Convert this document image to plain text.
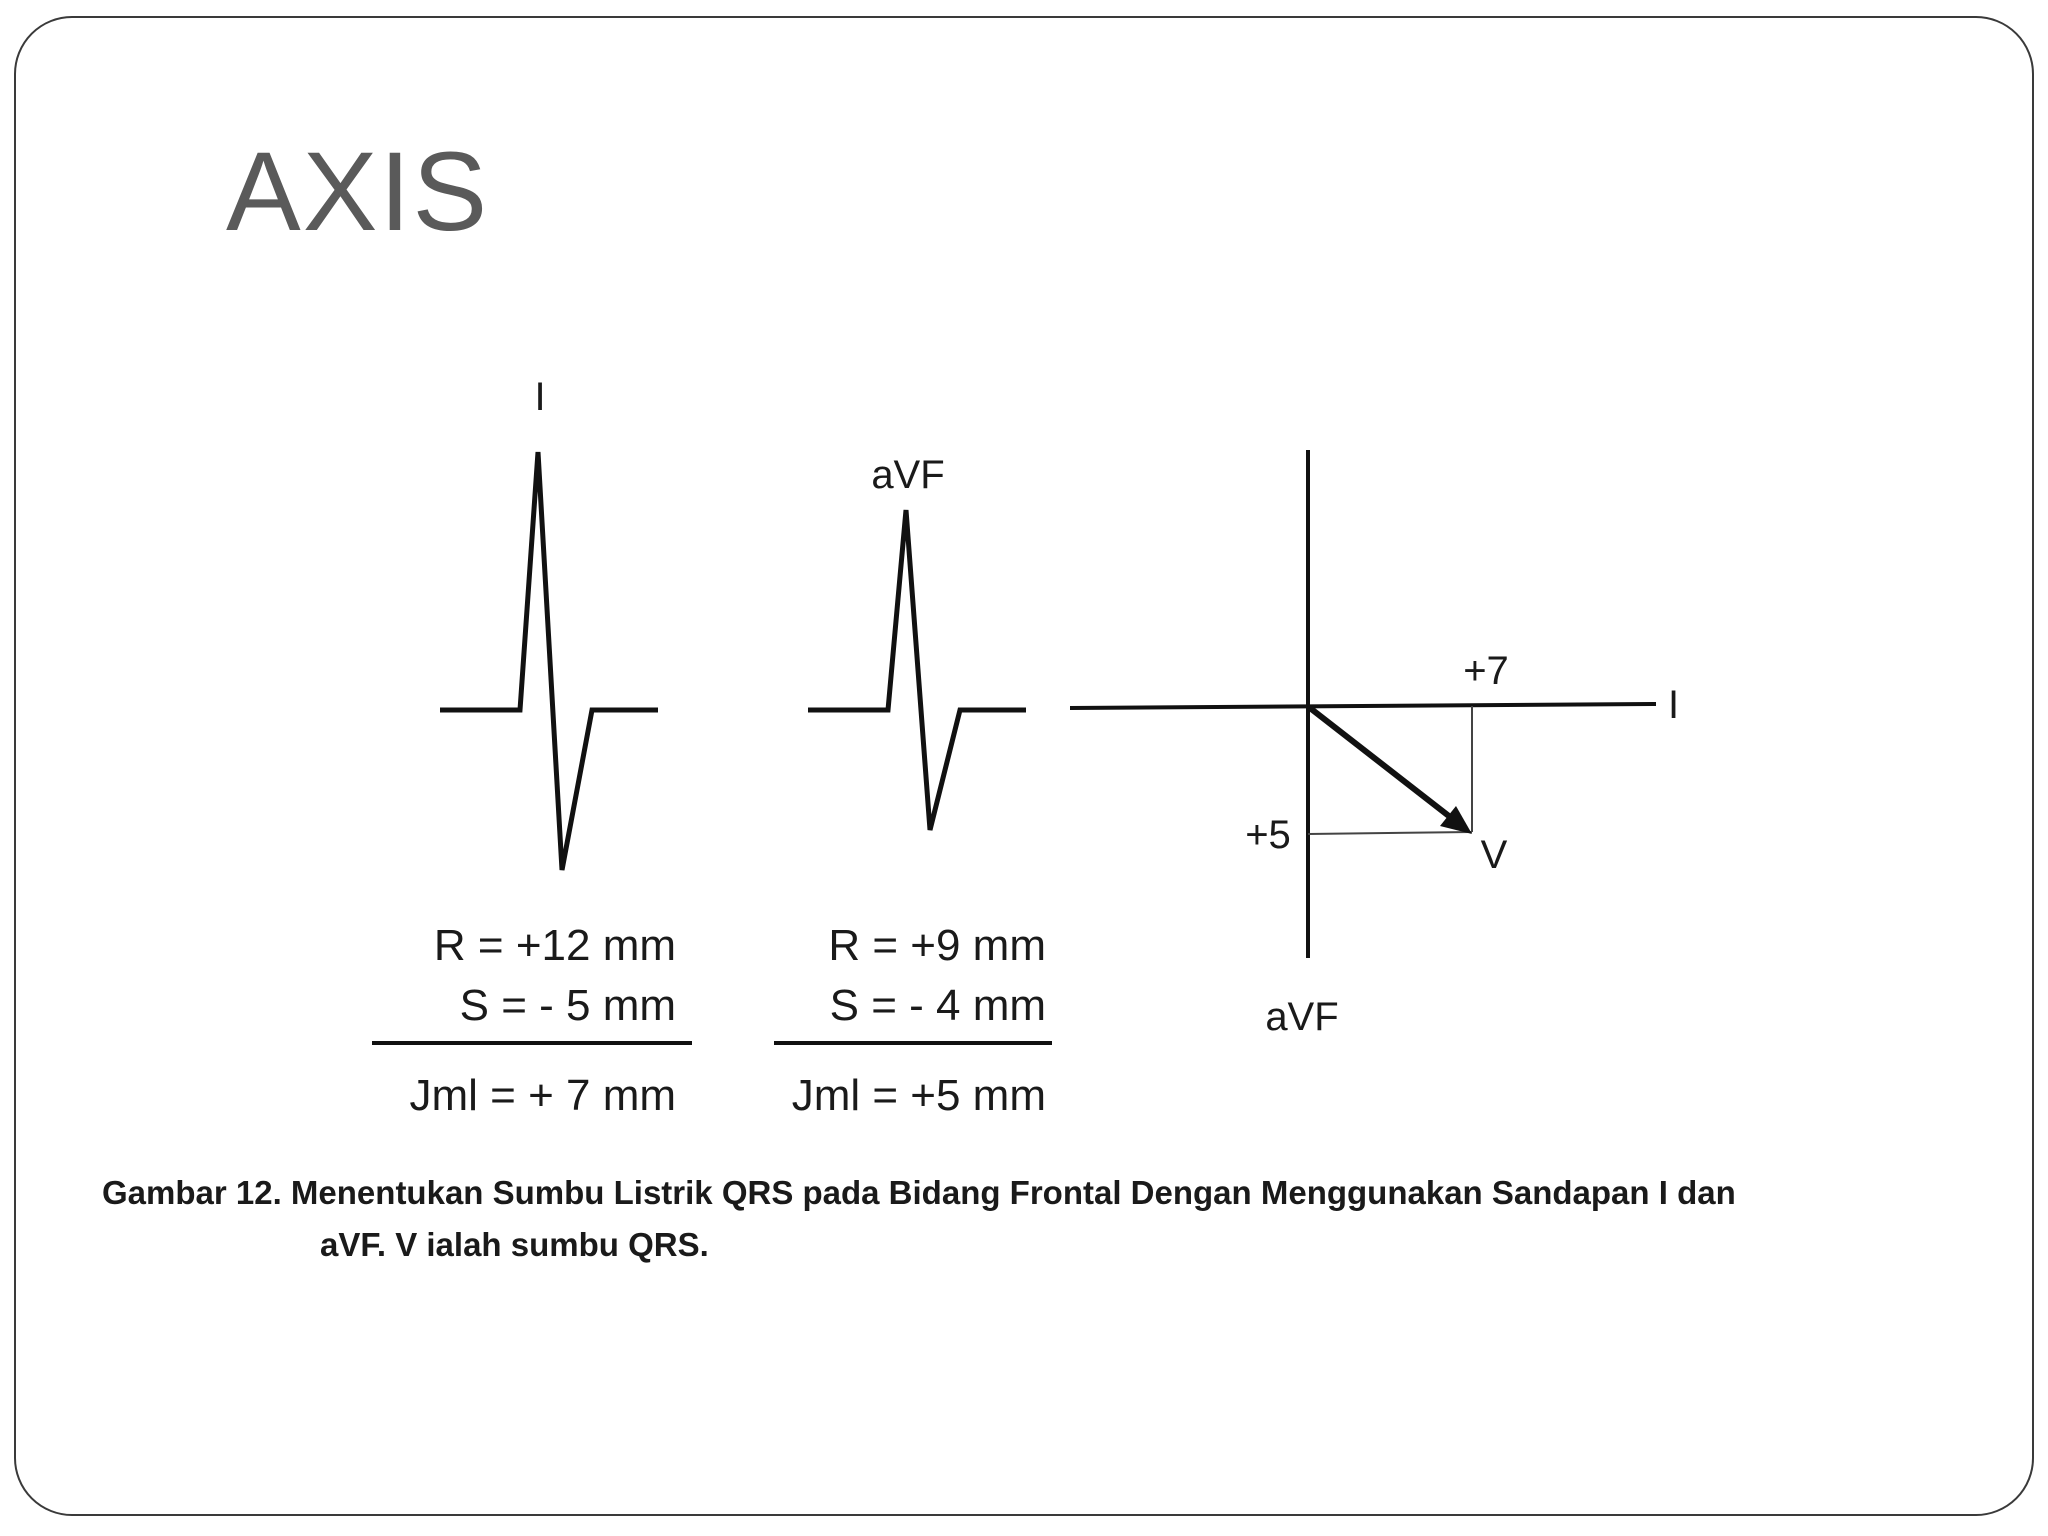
AXIS
I
aVF
I
aVF
+7
+5	V
R = +12 mm
S = - 5 mm
Jml = + 7 mm
R = +9 mm
S = - 4 mm
Jml = +5 mm
Gambar 12. Menentukan Sumbu Listrik QRS pada Bidang Frontal Dengan Menggunakan Sandapan I dan
aVF. V ialah sumbu QRS.
